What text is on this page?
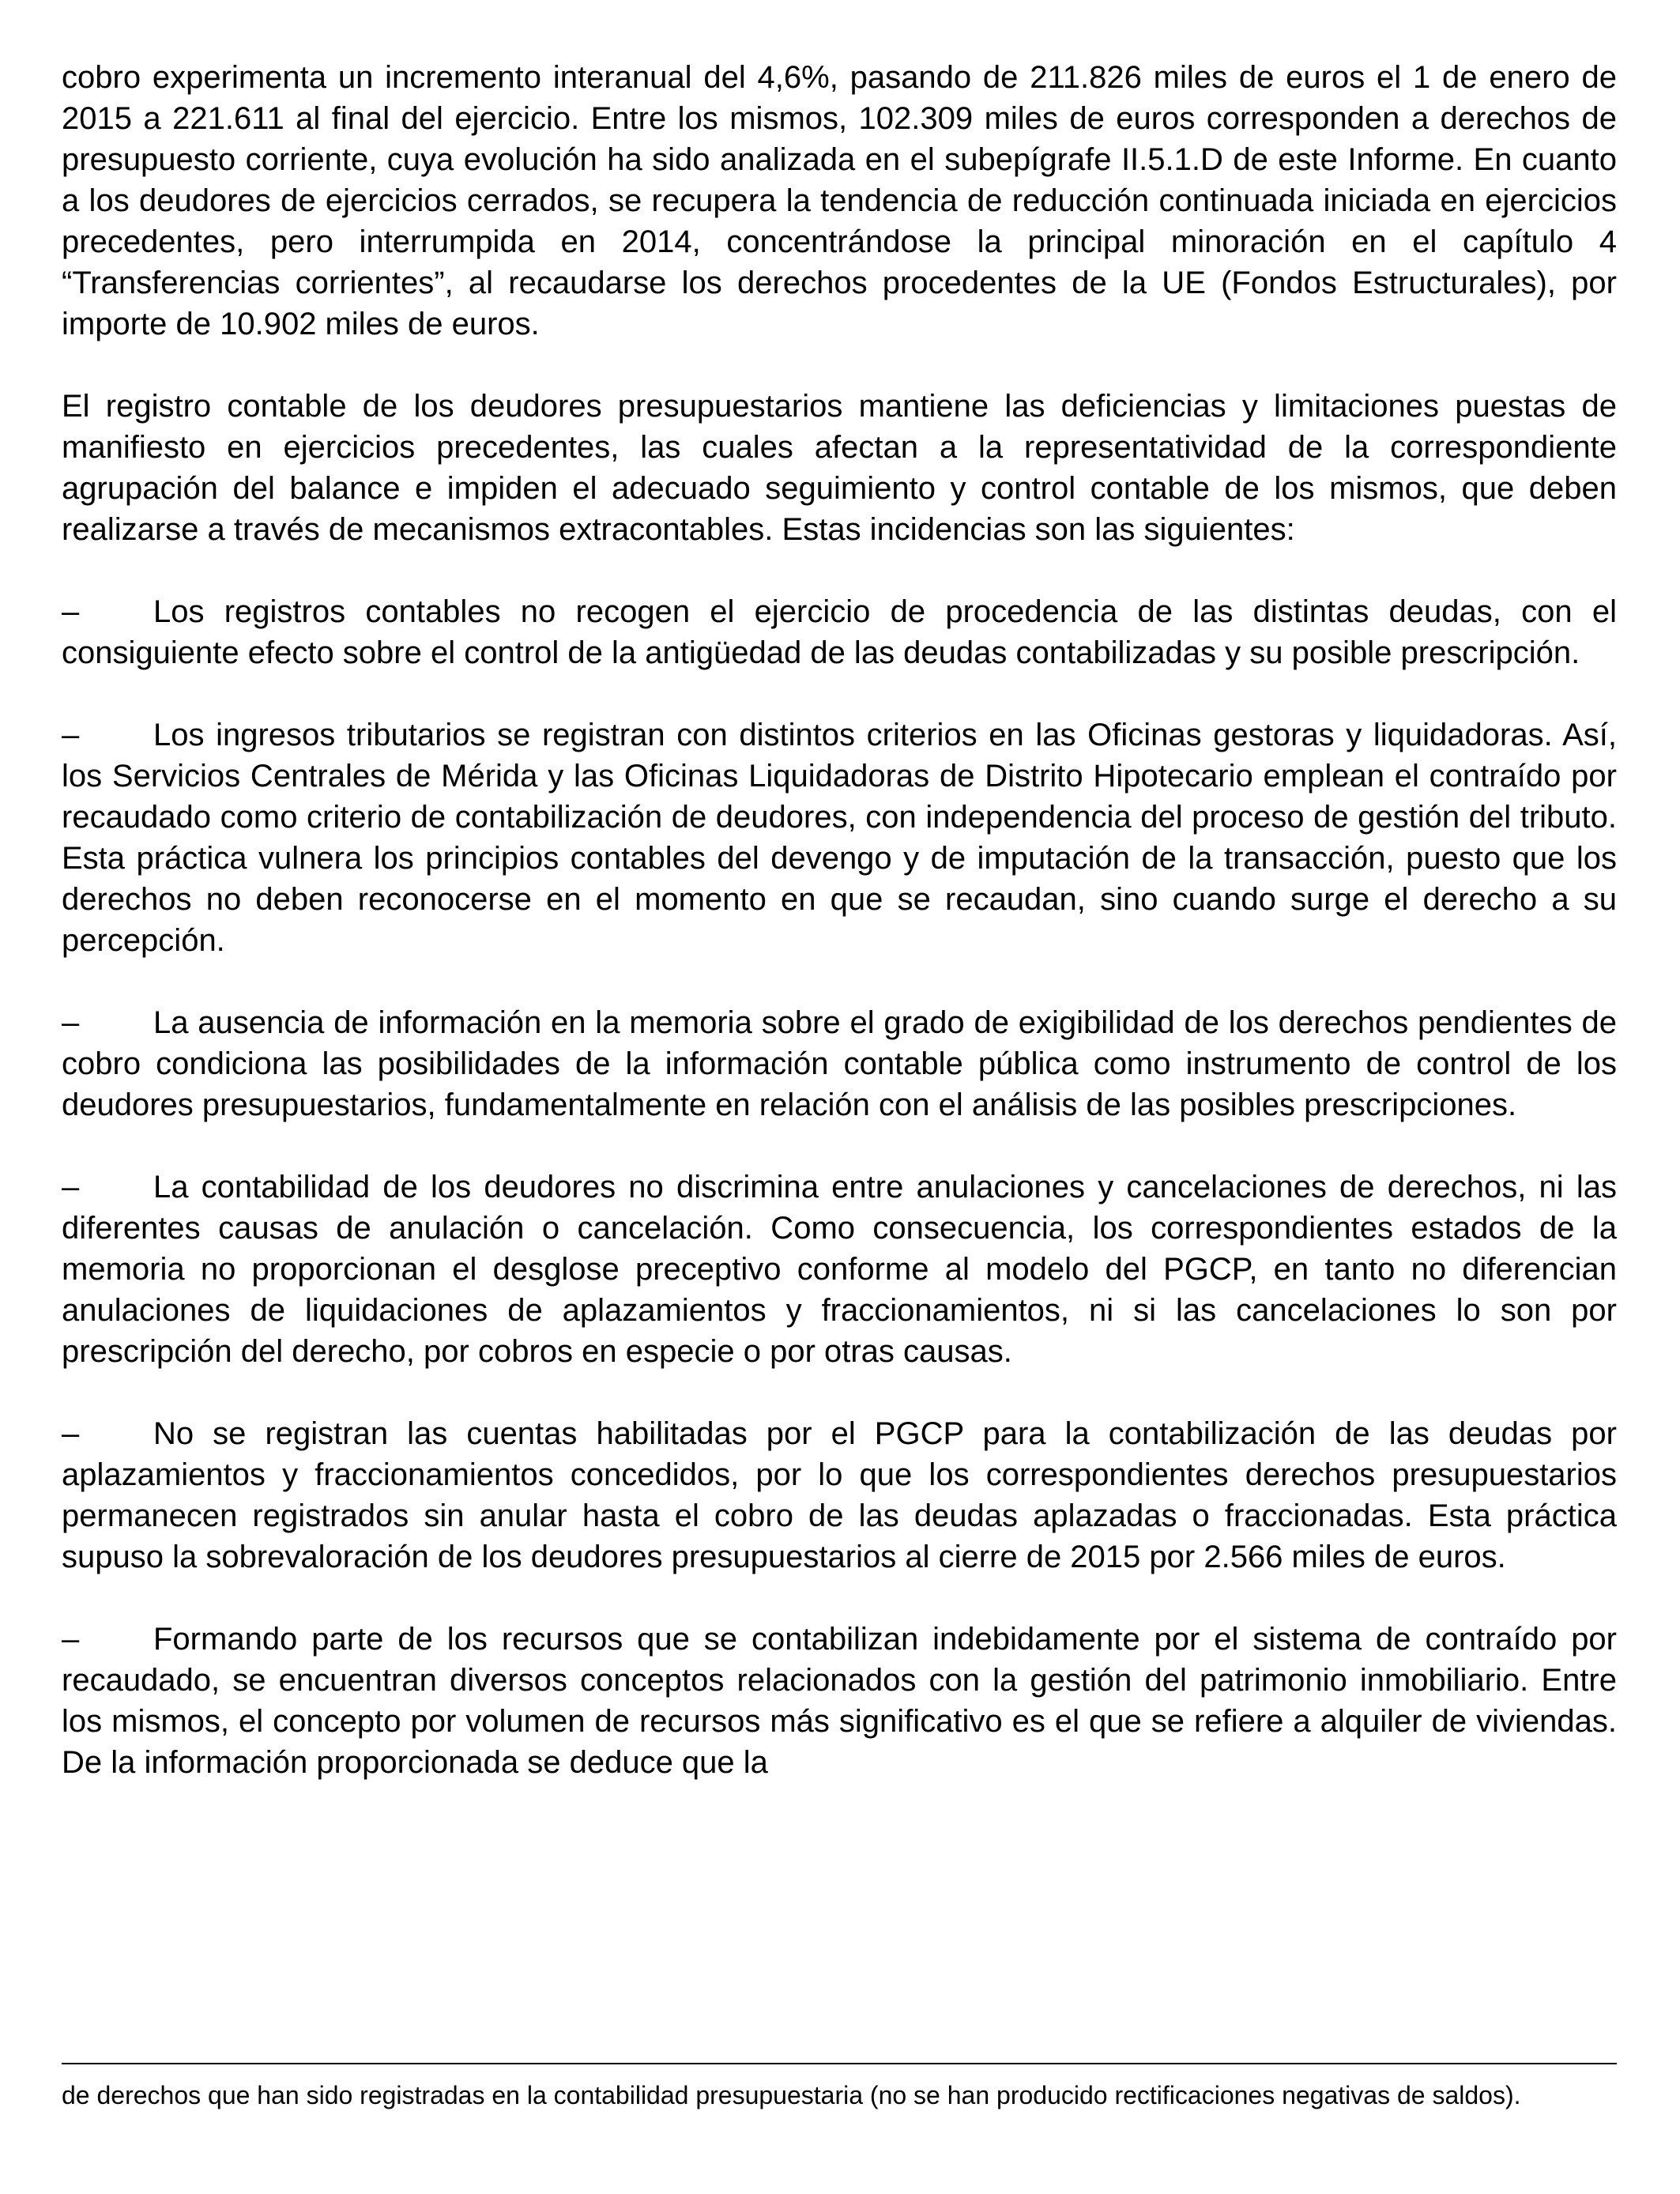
cobro experimenta un incremento interanual del 4,6%, pasando de 211.826 miles de euros el 1 de enero de 2015 a 221.611 al final del ejercicio. Entre los mismos, 102.309 miles de euros corresponden a derechos de presupuesto corriente, cuya evolución ha sido analizada en el subepígrafe II.5.1.D de este Informe. En cuanto a los deudores de ejercicios cerrados, se recupera la tendencia de reducción continuada iniciada en ejercicios precedentes, pero interrumpida en 2014, concentrándose la principal minoración en el capítulo 4 “Transferencias corrientes”, al recaudarse los derechos procedentes de la UE (Fondos Estructurales), por importe de 10.902 miles de euros.

El registro contable de los deudores presupuestarios mantiene las deficiencias y limitaciones puestas de manifiesto en ejercicios precedentes, las cuales afectan a la representatividad de la correspondiente agrupación del balance e impiden el adecuado seguimiento y control contable de los mismos, que deben realizarse a través de mecanismos extracontables. Estas incidencias son las siguientes:

– Los registros contables no recogen el ejercicio de procedencia de las distintas deudas, con el consiguiente efecto sobre el control de la antigüedad de las deudas contabilizadas y su posible prescripción.

– Los ingresos tributarios se registran con distintos criterios en las Oficinas gestoras y liquidadoras. Así, los Servicios Centrales de Mérida y las Oficinas Liquidadoras de Distrito Hipotecario emplean el contraído por recaudado como criterio de contabilización de deudores, con independencia del proceso de gestión del tributo. Esta práctica vulnera los principios contables del devengo y de imputación de la transacción, puesto que los derechos no deben reconocerse en el momento en que se recaudan, sino cuando surge el derecho a su percepción.

– La ausencia de información en la memoria sobre el grado de exigibilidad de los derechos pendientes de cobro condiciona las posibilidades de la información contable pública como instrumento de control de los deudores presupuestarios, fundamentalmente en relación con el análisis de las posibles prescripciones.

– La contabilidad de los deudores no discrimina entre anulaciones y cancelaciones de derechos, ni las diferentes causas de anulación o cancelación. Como consecuencia, los correspondientes estados de la memoria no proporcionan el desglose preceptivo conforme al modelo del PGCP, en tanto no diferencian anulaciones de liquidaciones de aplazamientos y fraccionamientos, ni si las cancelaciones lo son por prescripción del derecho, por cobros en especie o por otras causas.

– No se registran las cuentas habilitadas por el PGCP para la contabilización de las deudas por aplazamientos y fraccionamientos concedidos, por lo que los correspondientes derechos presupuestarios permanecen registrados sin anular hasta el cobro de las deudas aplazadas o fraccionadas. Esta práctica supuso la sobrevaloración de los deudores presupuestarios al cierre de 2015 por 2.566 miles de euros.

– Formando parte de los recursos que se contabilizan indebidamente por el sistema de contraído por recaudado, se encuentran diversos conceptos relacionados con la gestión del patrimonio inmobiliario. Entre los mismos, el concepto por volumen de recursos más significativo es el que se refiere a alquiler de viviendas. De la información proporcionada se deduce que la

de derechos que han sido registradas en la contabilidad presupuestaria (no se han producido rectificaciones negativas de saldos).
